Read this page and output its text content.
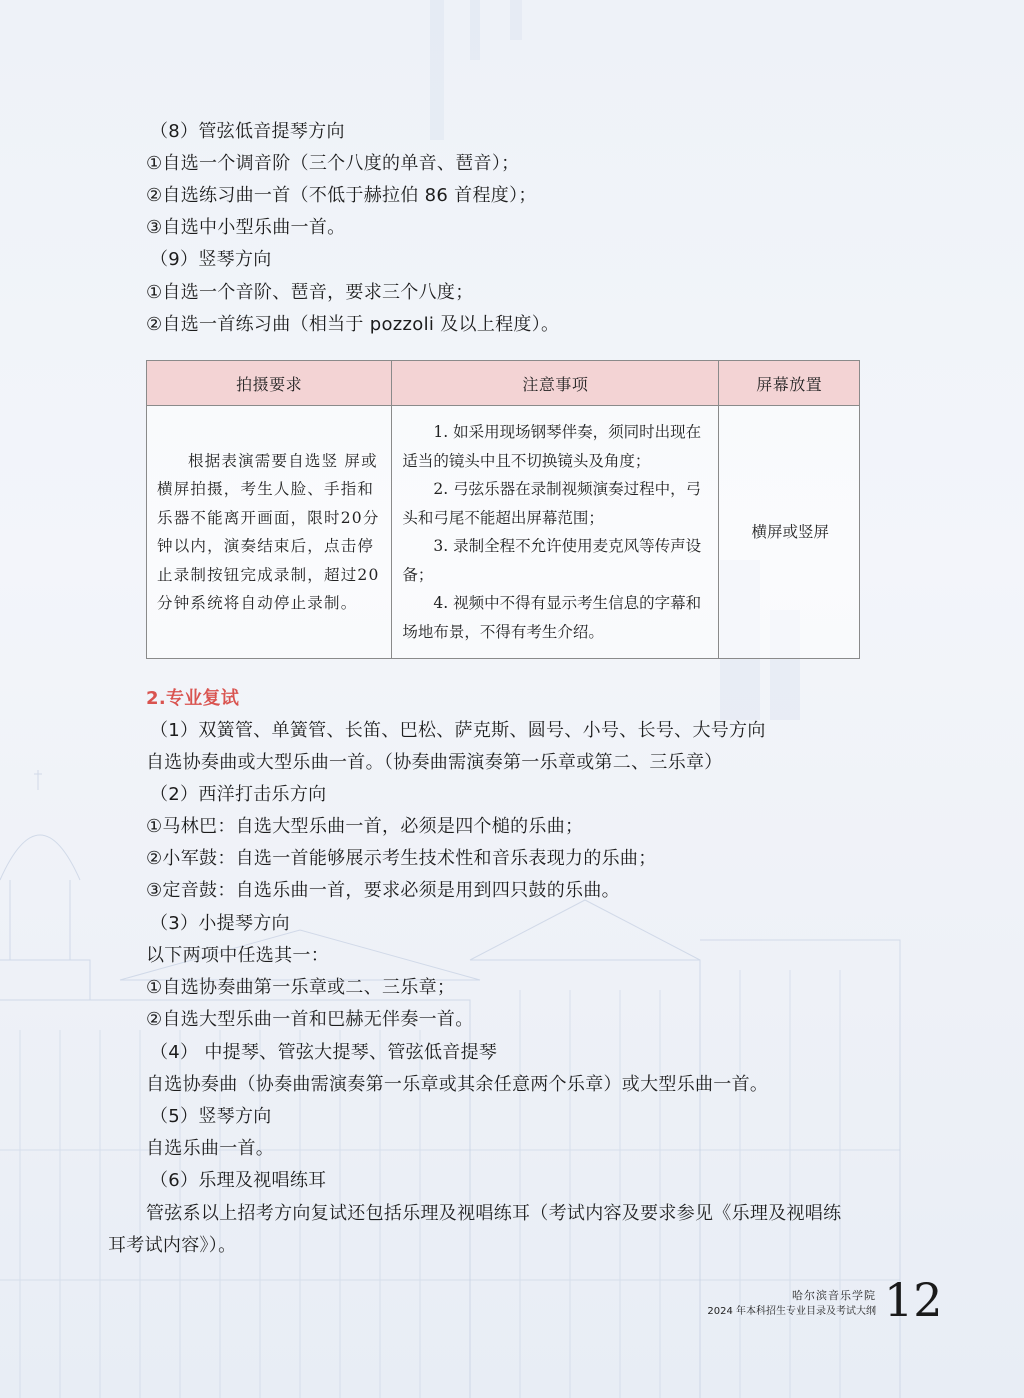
（8）管弦低音提琴方向
①自选一个调音阶（三个八度的单音、琶音）；
②自选练习曲一首（不低于赫拉伯 86 首程度）；
③自选中小型乐曲一首。
（9）竖琴方向
①自选一个音阶、琶音，要求三个八度；
②自选一首练习曲（相当于 pozzoli 及以上程度）。
拍摄要求	注意事项	屏幕放置
根据表演需要自选竖 屏或横屏拍摄，考生人脸、手指和乐器不能离开画面，限时20分钟以内，演奏结束后，点击停止录制按钮完成录制，超过20分钟系统将自动停止录制。	1. 如采用现场钢琴伴奏，须同时出现在适当的镜头中且不切换镜头及角度；
2. 弓弦乐器在录制视频演奏过程中，弓头和弓尾不能超出屏幕范围；
3. 录制全程不允许使用麦克风等传声设备；
4. 视频中不得有显示考生信息的字幕和场地布景，不得有考生介绍。	横屏或竖屏
2.专业复试
（1）双簧管、单簧管、长笛、巴松、萨克斯、圆号、小号、长号、大号方向
自选协奏曲或大型乐曲一首。（协奏曲需演奏第一乐章或第二、三乐章）
（2）西洋打击乐方向
①马林巴：自选大型乐曲一首，必须是四个槌的乐曲；
②小军鼓：自选一首能够展示考生技术性和音乐表现力的乐曲；
③定音鼓：自选乐曲一首，要求必须是用到四只鼓的乐曲。
（3）小提琴方向
以下两项中任选其一：
①自选协奏曲第一乐章或二、三乐章；
②自选大型乐曲一首和巴赫无伴奏一首。
（4） 中提琴、管弦大提琴、管弦低音提琴
自选协奏曲（协奏曲需演奏第一乐章或其余任意两个乐章）或大型乐曲一首。
（5）竖琴方向
自选乐曲一首。
（6）乐理及视唱练耳
管弦系以上招考方向复试还包括乐理及视唱练耳（考试内容及要求参见《乐理及视唱练
耳考试内容》）。
哈尔滨音乐学院
2024 年本科招生专业目录及考试大纲 12
